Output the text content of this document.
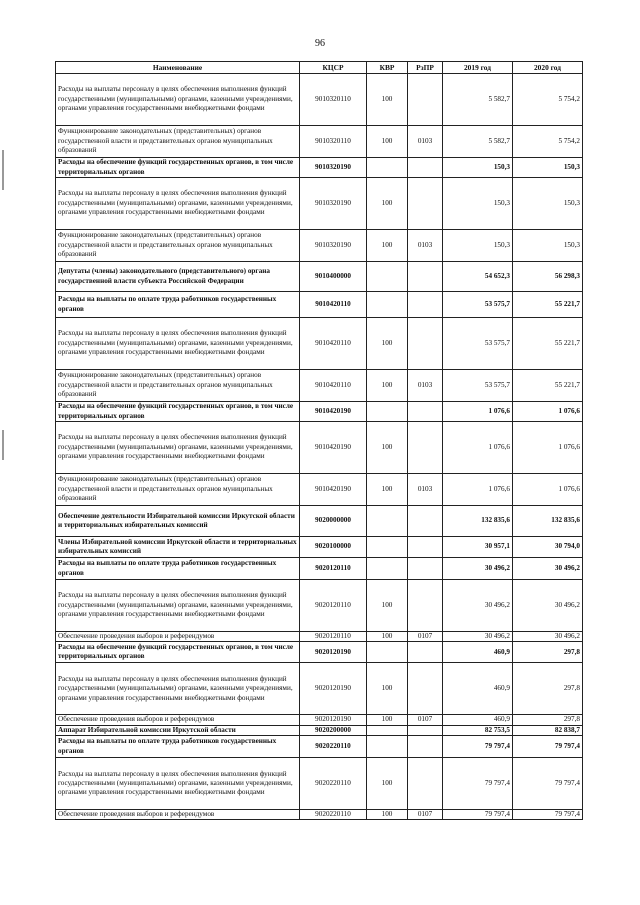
96
Наименование	КЦСР	КВР	РзПР	2019 год	2020 год
Расходы на выплаты персоналу в целях обеспечения выполнения функций государственными (муниципальными) органами, казенными учреждениями, органами управления государственными внебюджетными фондами	9010320110	100		5 582,7	5 754,2
Функционирование законодательных (представительных) органов государственной власти и представительных органов муниципальных образований	9010320110	100	0103	5 582,7	5 754,2
Расходы на обеспечение функций государственных органов, в том числе территориальных органов	9010320190			150,3	150,3
Расходы на выплаты персоналу в целях обеспечения выполнения функций государственными (муниципальными) органами, казенными учреждениями, органами управления государственными внебюджетными фондами	9010320190	100		150,3	150,3
Функционирование законодательных (представительных) органов государственной власти и представительных органов муниципальных образований	9010320190	100	0103	150,3	150,3
Депутаты (члены) законодательного (представительного) органа государственной власти субъекта Российской Федерации	9010400000			54 652,3	56 298,3
Расходы на выплаты по оплате труда работников государственных органов	9010420110			53 575,7	55 221,7
Расходы на выплаты персоналу в целях обеспечения выполнения функций государственными (муниципальными) органами, казенными учреждениями, органами управления государственными внебюджетными фондами	9010420110	100		53 575,7	55 221,7
Функционирование законодательных (представительных) органов государственной власти и представительных органов муниципальных образований	9010420110	100	0103	53 575,7	55 221,7
Расходы на обеспечение функций государственных органов, в том числе территориальных органов	9010420190			1 076,6	1 076,6
Расходы на выплаты персоналу в целях обеспечения выполнения функций государственными (муниципальными) органами, казенными учреждениями, органами управления государственными внебюджетными фондами	9010420190	100		1 076,6	1 076,6
Функционирование законодательных (представительных) органов государственной власти и представительных органов муниципальных образований	9010420190	100	0103	1 076,6	1 076,6
Обеспечение деятельности Избирательной комиссии Иркутской области и территориальных избирательных комиссий	9020000000			132 835,6	132 835,6
Члены Избирательной комиссии Иркутской области и территориальных избирательных комиссий	9020100000			30 957,1	30 794,0
Расходы на выплаты по оплате труда работников государственных органов	9020120110			30 496,2	30 496,2
Расходы на выплаты персоналу в целях обеспечения выполнения функций государственными (муниципальными) органами, казенными учреждениями, органами управления государственными внебюджетными фондами	9020120110	100		30 496,2	30 496,2
Обеспечение проведения выборов и референдумов	9020120110	100	0107	30 496,2	30 496,2
Расходы на обеспечение функций государственных органов, в том числе территориальных органов	9020120190			460,9	297,8
Расходы на выплаты персоналу в целях обеспечения выполнения функций государственными (муниципальными) органами, казенными учреждениями, органами управления государственными внебюджетными фондами	9020120190	100		460,9	297,8
Обеспечение проведения выборов и референдумов	9020120190	100	0107	460,9	297,8
Аппарат Избирательной комиссии Иркутской области	9020200000			82 753,5	82 838,7
Расходы на выплаты по оплате труда работников государственных органов	9020220110			79 797,4	79 797,4
Расходы на выплаты персоналу в целях обеспечения выполнения функций государственными (муниципальными) органами, казенными учреждениями, органами управления государственными внебюджетными фондами	9020220110	100		79 797,4	79 797,4
Обеспечение проведения выборов и референдумов	9020220110	100	0107	79 797,4	79 797,4
